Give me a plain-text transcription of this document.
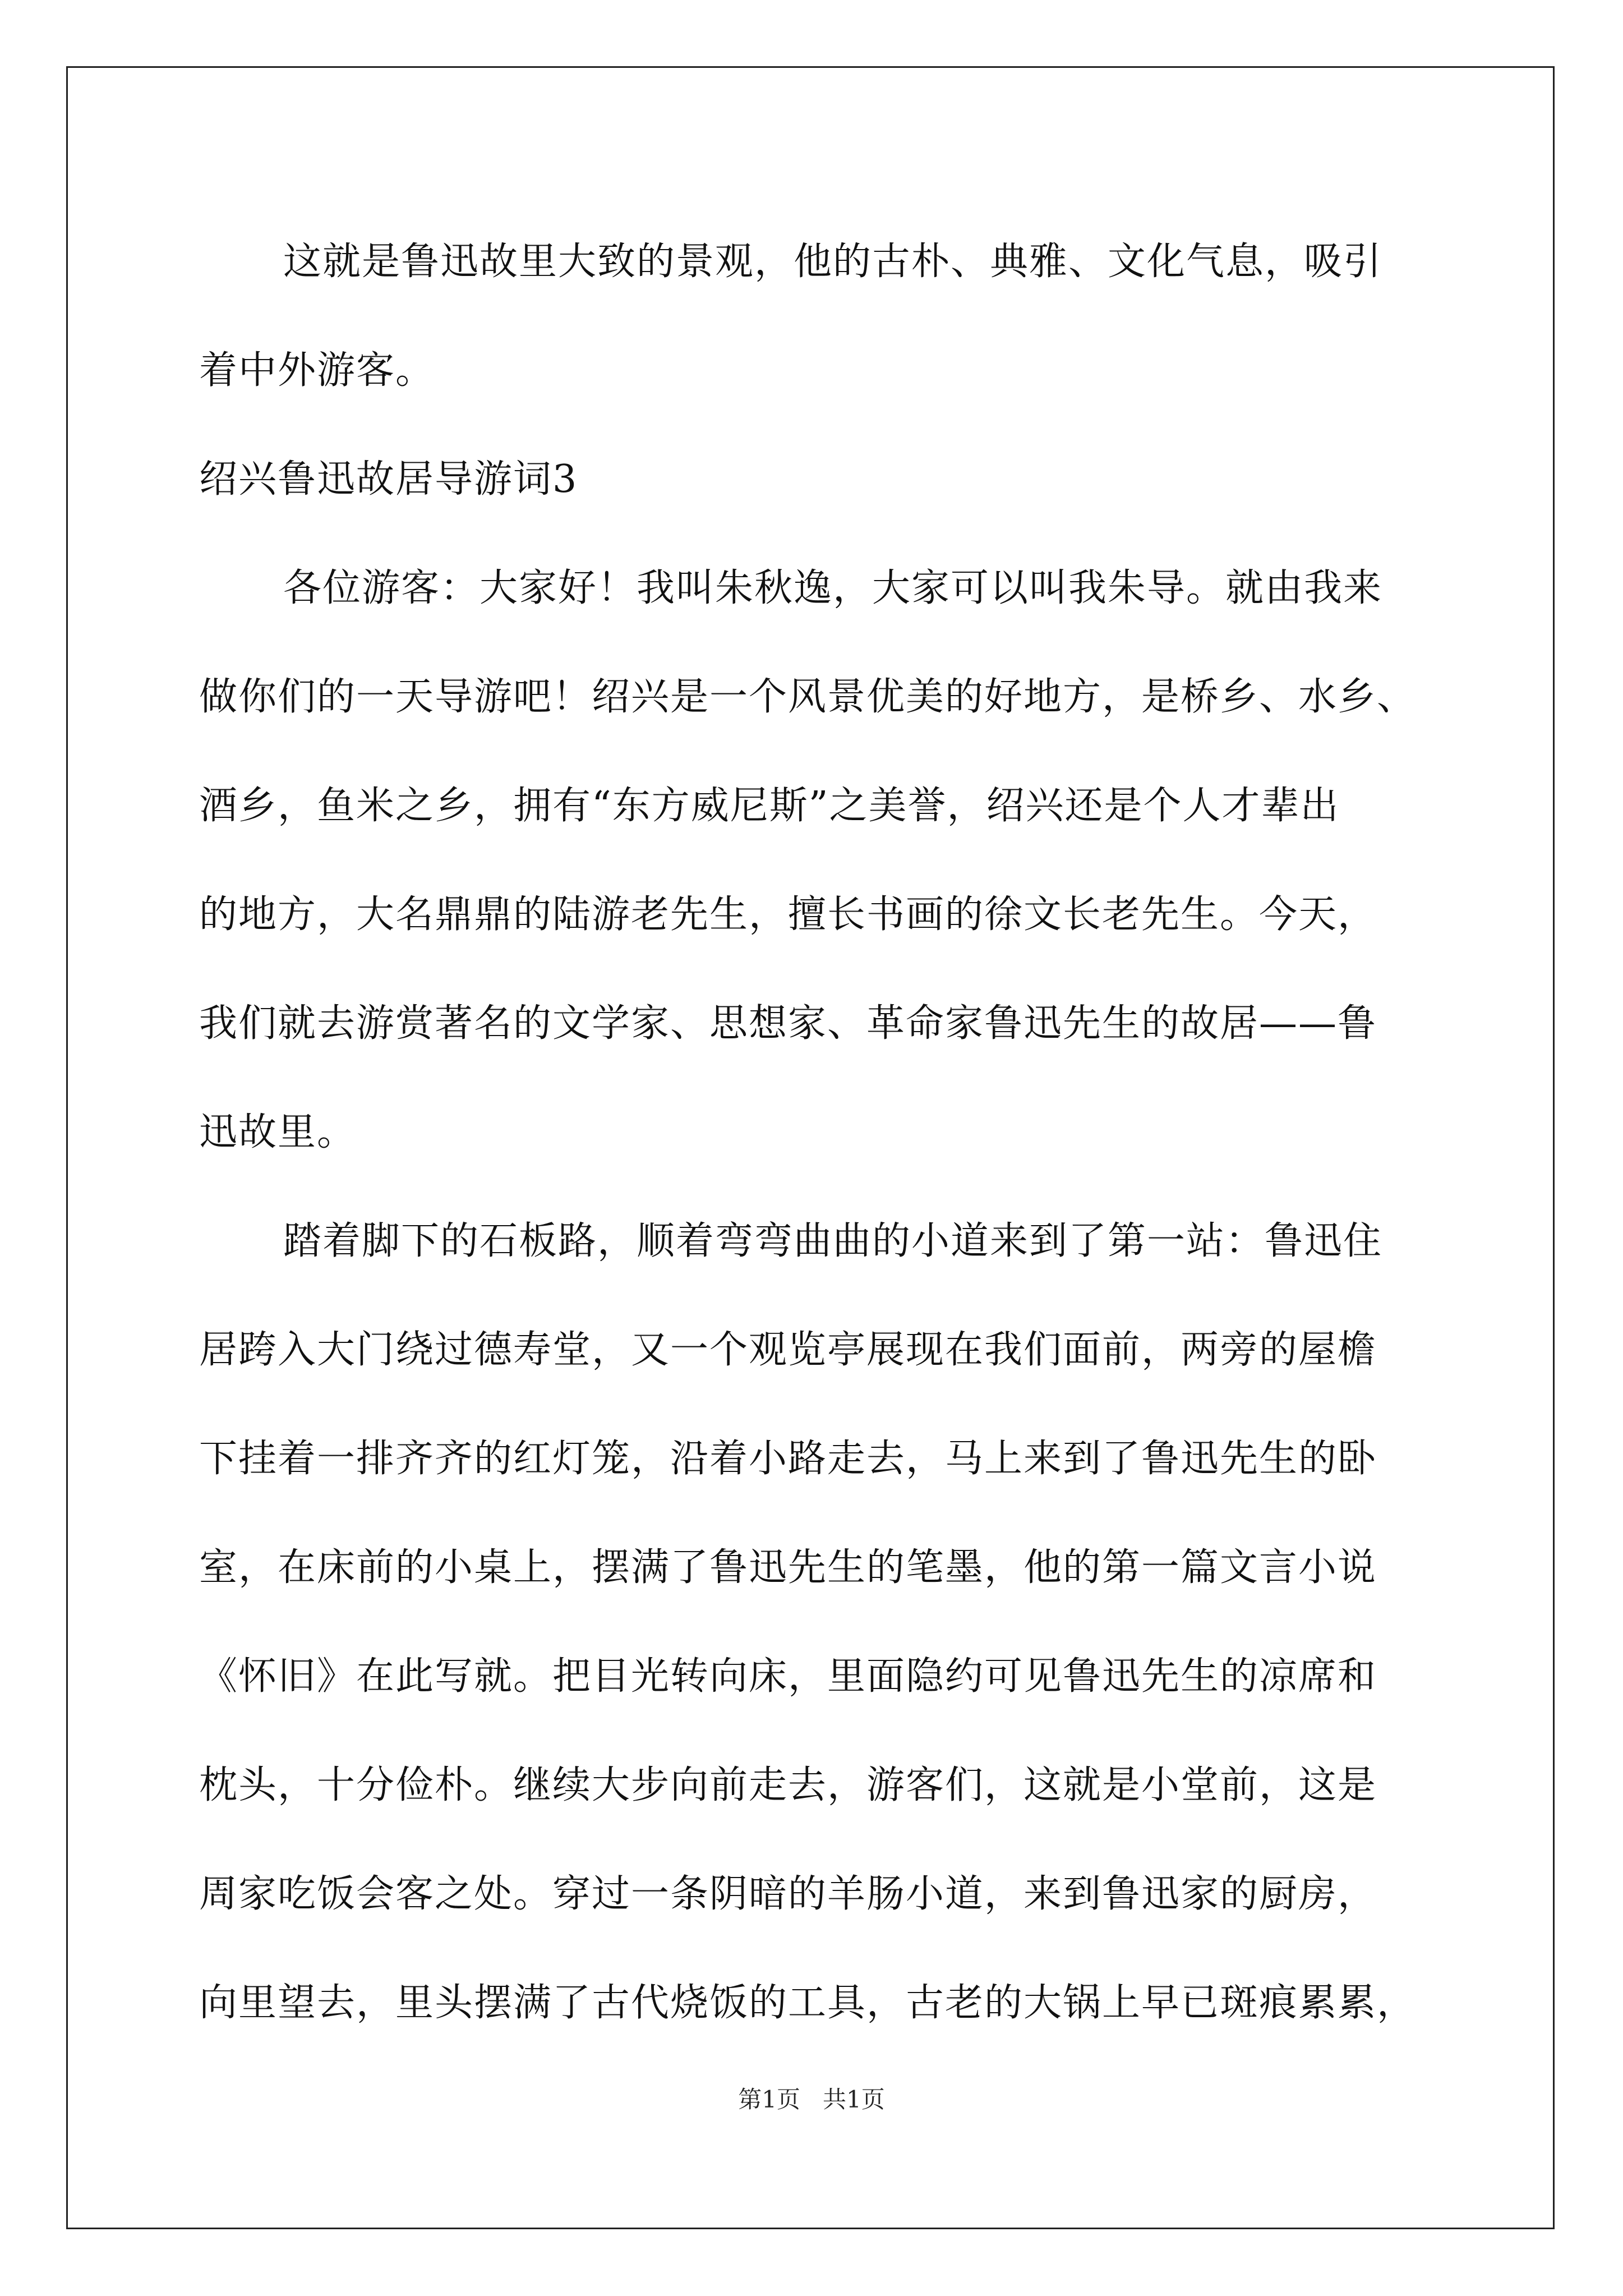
这就是鲁迅故里大致的景观，他的古朴、典雅、文化气息，吸引
着中外游客。
绍兴鲁迅故居导游词3
各位游客：大家好！我叫朱秋逸，大家可以叫我朱导。就由我来
做你们的一天导游吧！绍兴是一个风景优美的好地方，是桥乡、水乡、
酒乡，鱼米之乡，拥有“东方威尼斯”之美誉，绍兴还是个人才辈出
的地方，大名鼎鼎的陆游老先生，擅长书画的徐文长老先生。今天，
我们就去游赏著名的文学家、思想家、革命家鲁迅先生的故居——鲁
迅故里。
踏着脚下的石板路，顺着弯弯曲曲的小道来到了第一站：鲁迅住
居跨入大门绕过德寿堂，又一个观览亭展现在我们面前，两旁的屋檐
下挂着一排齐齐的红灯笼，沿着小路走去，马上来到了鲁迅先生的卧
室，在床前的小桌上，摆满了鲁迅先生的笔墨，他的第一篇文言小说
《怀旧》在此写就。把目光转向床，里面隐约可见鲁迅先生的凉席和
枕头，十分俭朴。继续大步向前走去，游客们，这就是小堂前，这是
周家吃饭会客之处。穿过一条阴暗的羊肠小道，来到鲁迅家的厨房，
向里望去，里头摆满了古代烧饭的工具，古老的大锅上早已斑痕累累，
第1页 共1页
